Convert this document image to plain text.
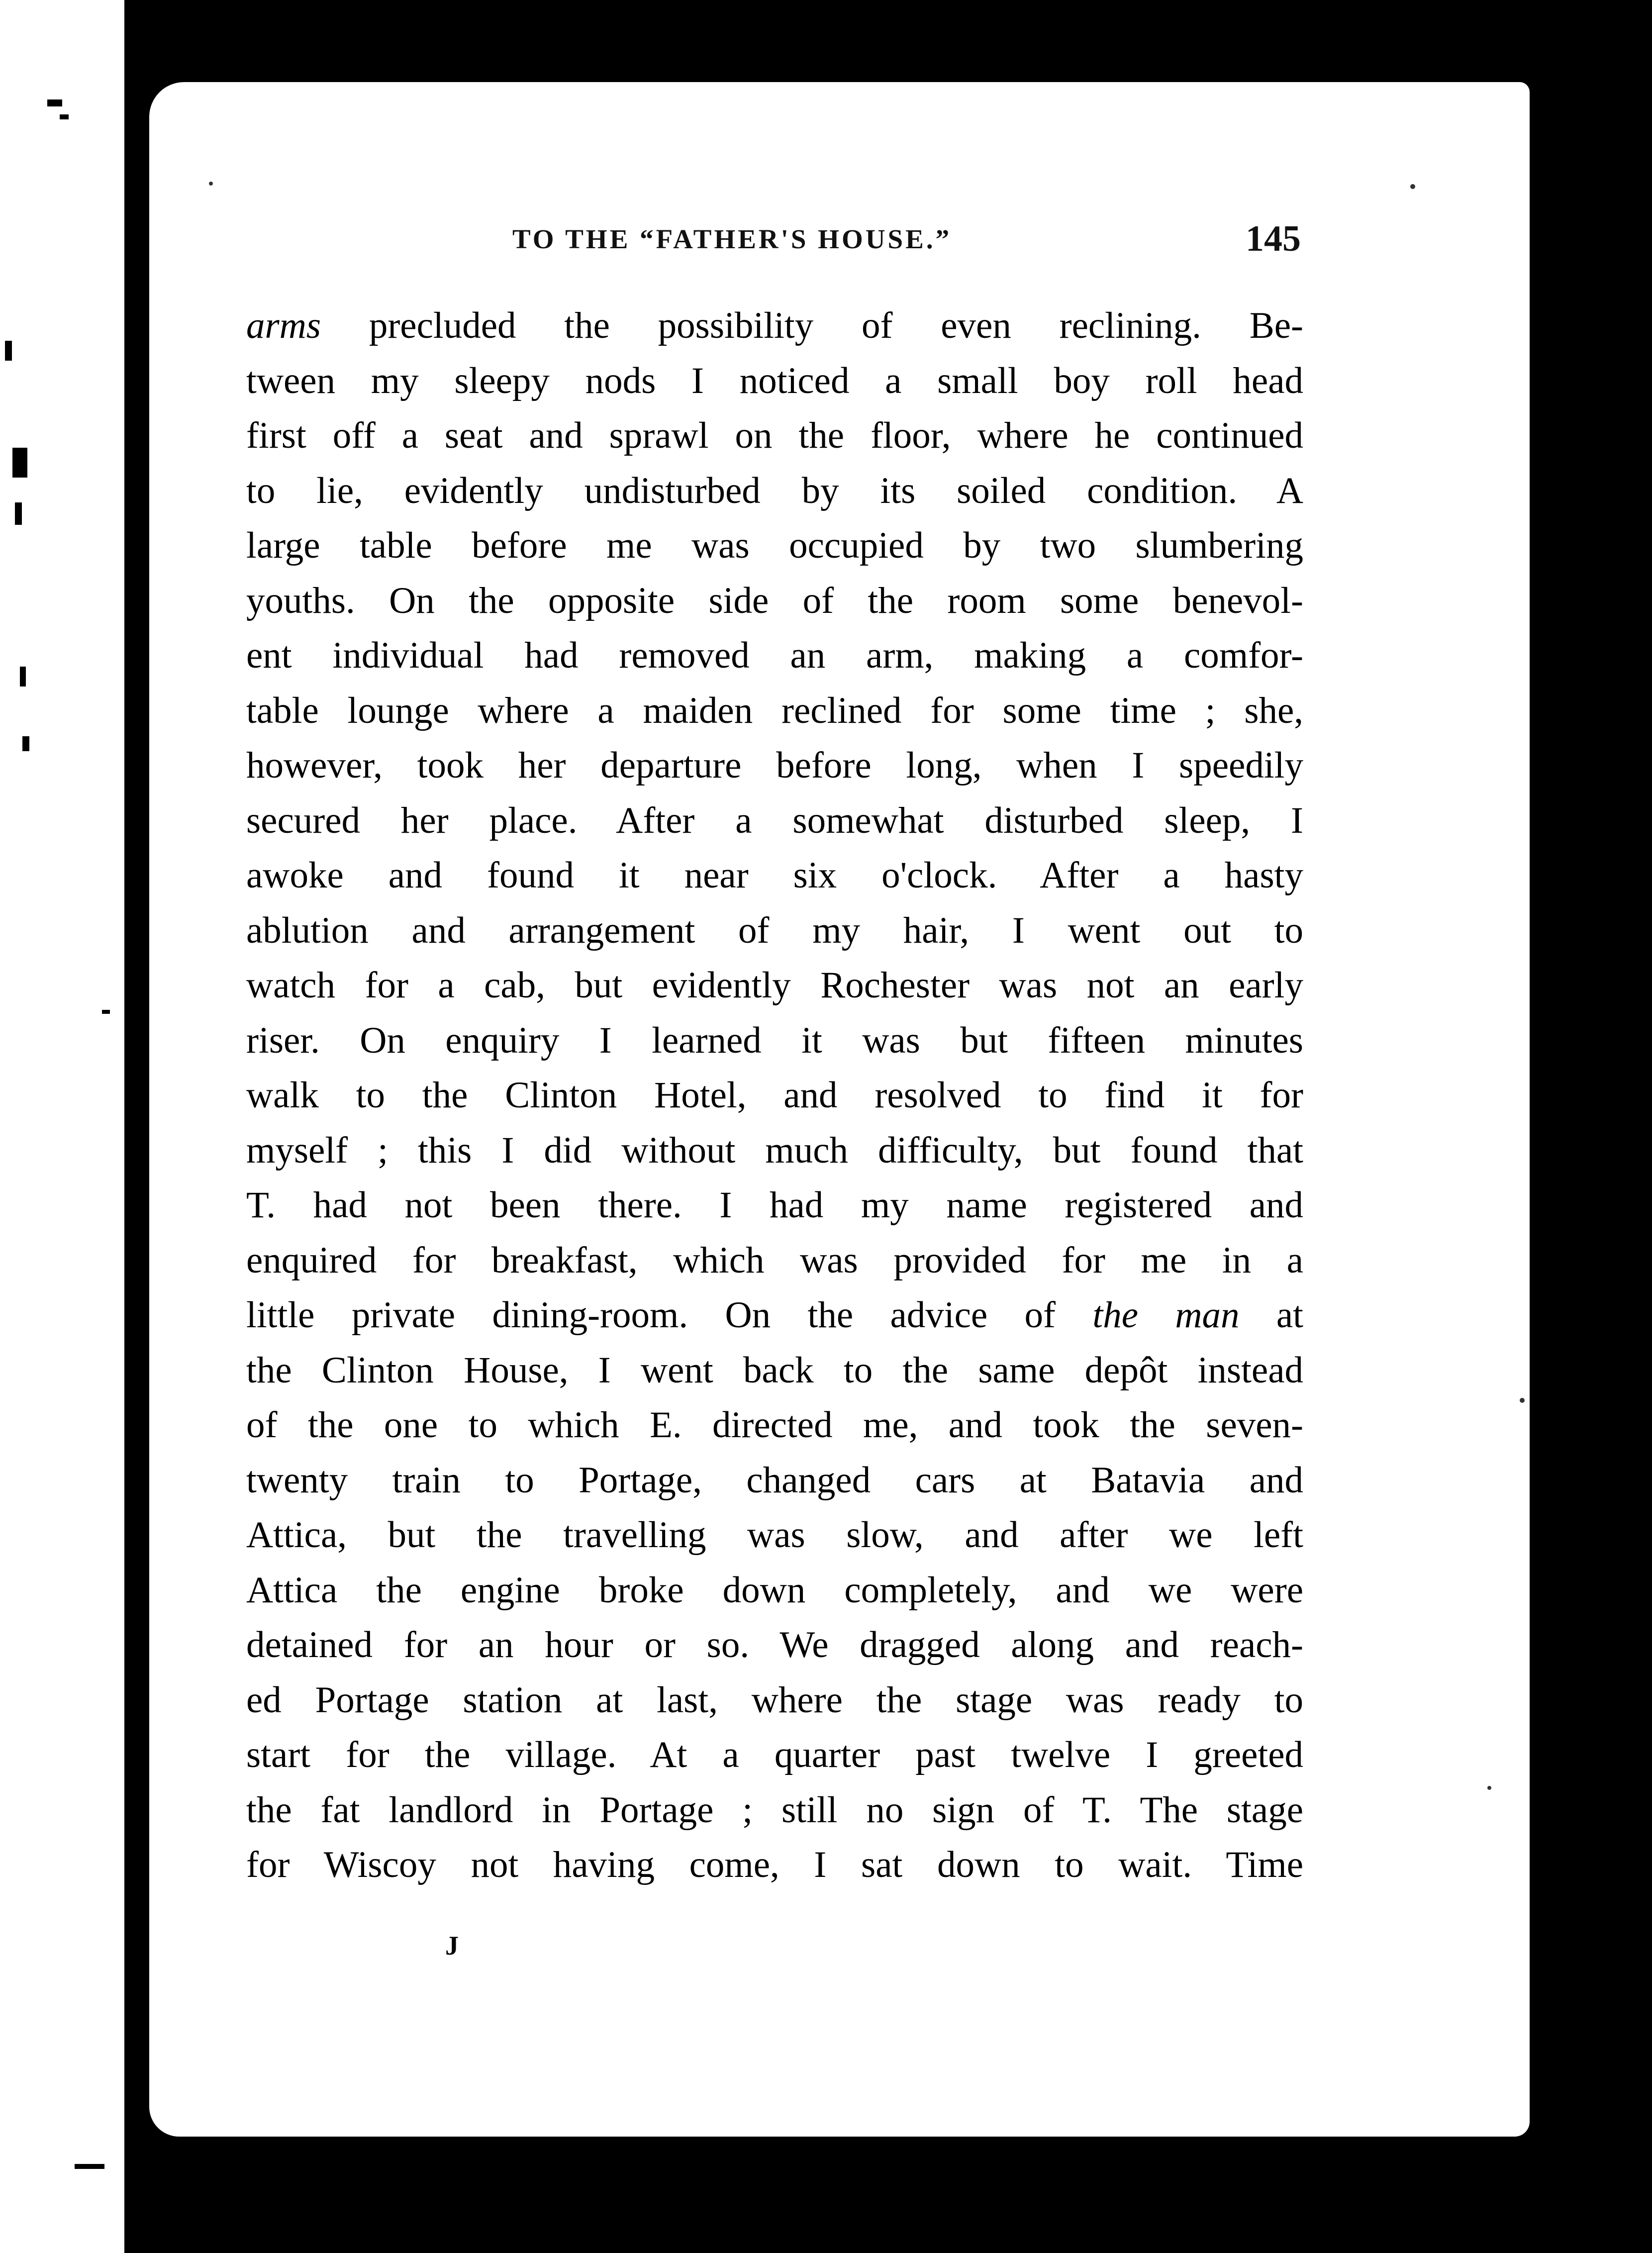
TO THE “FATHER'S HOUSE.”	145
arms precluded the possibility of even reclining. Be-
tween my sleepy nods I noticed a small boy roll head
first off a seat and sprawl on the floor, where he continued
to lie, evidently undisturbed by its soiled condition. A
large table before me was occupied by two slumbering
youths. On the opposite side of the room some benevol-
ent individual had removed an arm, making a comfor-
table lounge where a maiden reclined for some time ; she,
however, took her departure before long, when I speedily
secured her place. After a somewhat disturbed sleep, I
awoke and found it near six o'clock. After a hasty
ablution and arrangement of my hair, I went out to
watch for a cab, but evidently Rochester was not an early
riser. On enquiry I learned it was but fifteen minutes
walk to the Clinton Hotel, and resolved to find it for
myself ; this I did without much difficulty, but found that
T. had not been there. I had my name registered and
enquired for breakfast, which was provided for me in a
little private dining-room. On the advice of the man at
the Clinton House, I went back to the same depôt instead
of the one to which E. directed me, and took the seven-
twenty train to Portage, changed cars at Batavia and
Attica, but the travelling was slow, and after we left
Attica the engine broke down completely, and we were
detained for an hour or so. We dragged along and reach-
ed Portage station at last, where the stage was ready to
start for the village. At a quarter past twelve I greeted
the fat landlord in Portage ; still no sign of T. The stage
for Wiscoy not having come, I sat down to wait. Time
J
